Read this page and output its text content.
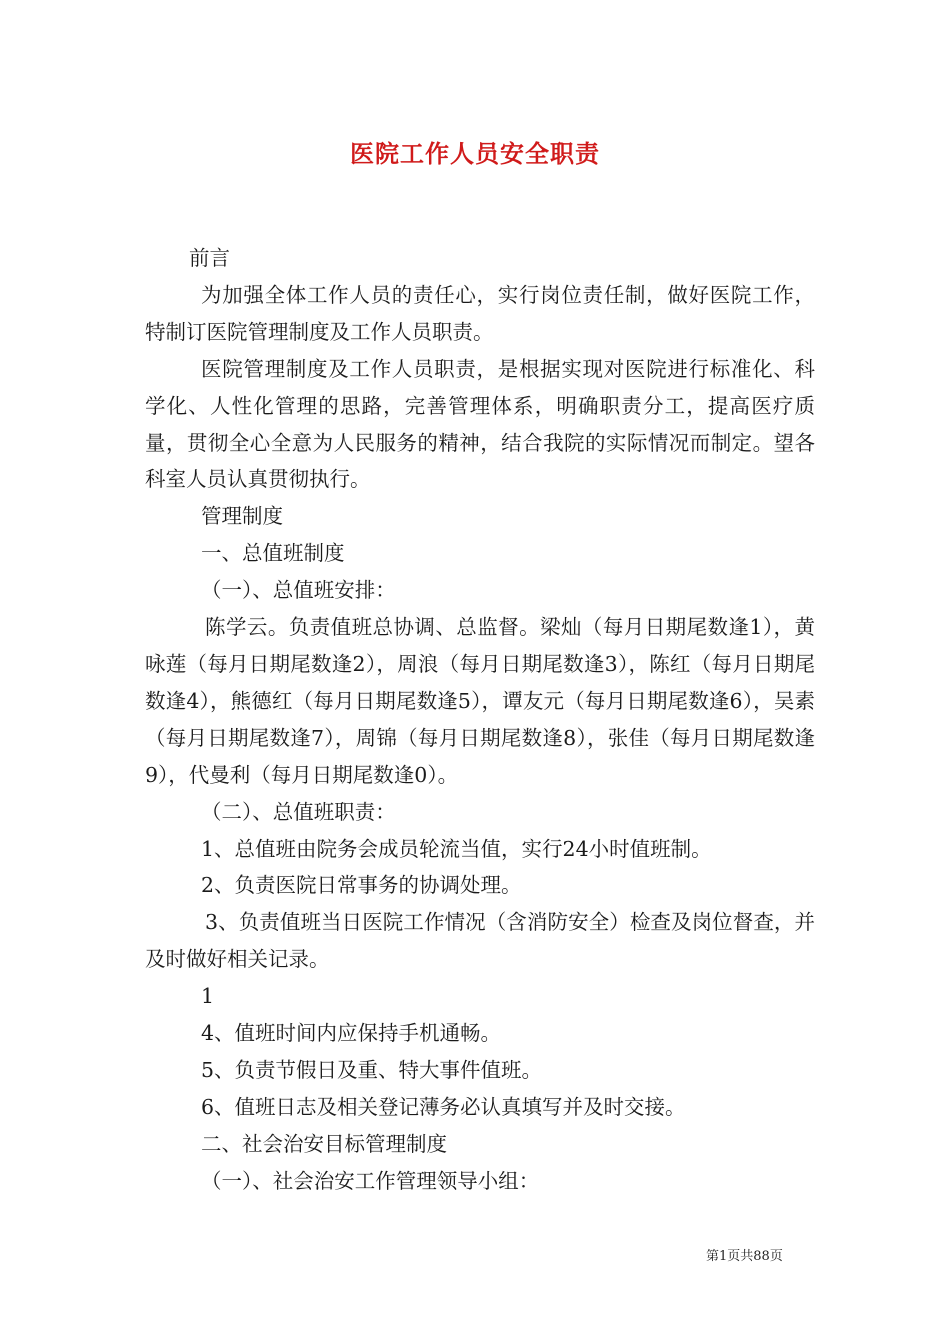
医院工作人员安全职责

前言

为加强全体工作人员的责任心，实行岗位责任制，做好医院工作，特制订医院管理制度及工作人员职责。

医院管理制度及工作人员职责，是根据实现对医院进行标准化、科学化、人性化管理的思路，完善管理体系，明确职责分工，提高医疗质量，贯彻全心全意为人民服务的精神，结合我院的实际情况而制定。望各科室人员认真贯彻执行。

管理制度

一、总值班制度

（一）、总值班安排：

陈学云。负责值班总协调、总监督。梁灿（每月日期尾数逢1），黄咏莲（每月日期尾数逢2），周浪（每月日期尾数逢3），陈红（每月日期尾数逢4），熊德红（每月日期尾数逢5），谭友元（每月日期尾数逢6），吴素（每月日期尾数逢7），周锦（每月日期尾数逢8），张佳（每月日期尾数逢9），代曼利（每月日期尾数逢0）。

（二）、总值班职责：

1、总值班由院务会成员轮流当值，实行24小时值班制。

2、负责医院日常事务的协调处理。

3、负责值班当日医院工作情况（含消防安全）检查及岗位督查，并及时做好相关记录。

1

4、值班时间内应保持手机通畅。

5、负责节假日及重、特大事件值班。

6、值班日志及相关登记薄务必认真填写并及时交接。

二、社会治安目标管理制度

（一）、社会治安工作管理领导小组：

第1页共88页
